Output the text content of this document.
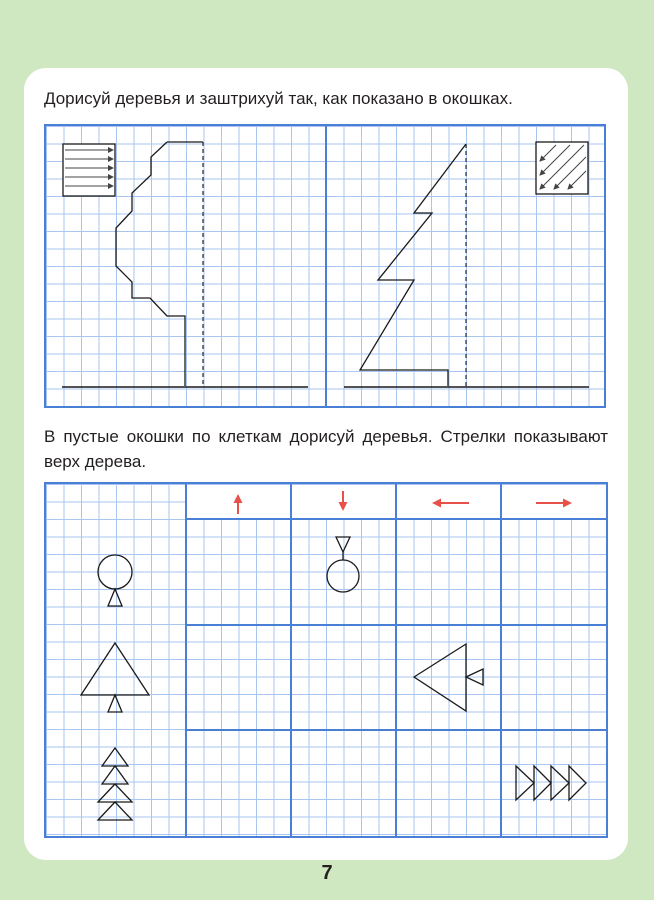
Дорисуй деревья и заштрихуй так, как показано в окошках.

В пустые окошки по клеткам дорисуй деревья. Стрелки показывают верх дерева.

7
